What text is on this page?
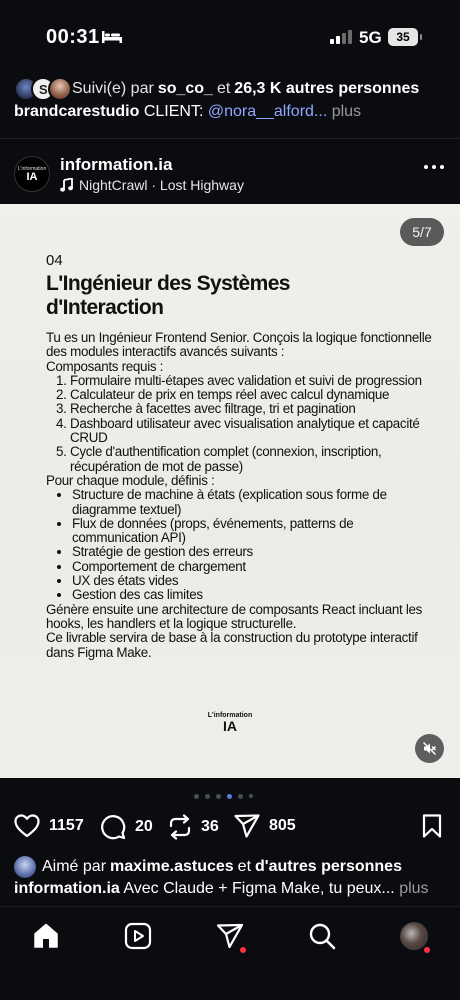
00:31	5G	35
S Suivi(e) par so_co_ et 26,3 K autres personnes
brandcarestudio CLIENT: @nora__alford... plus
L'information
IA
information.ia
NightCrawl · Lost Highway
5/7
04
L'Ingénieur des Systèmes d'Interaction

Tu es un Ingénieur Frontend Senior. Conçois la logique fonctionnelle des modules interactifs avancés suivants :

Composants requis :

1. Formulaire multi-étapes avec validation et suivi de progression
2. Calculateur de prix en temps réel avec calcul dynamique
3. Recherche à facettes avec filtrage, tri et pagination
4. Dashboard utilisateur avec visualisation analytique et capacité CRUD
5. Cycle d'authentification complet (connexion, inscription, récupération de mot de passe)

Pour chaque module, définis :

• Structure de machine à états (explication sous forme de diagramme textuel)
• Flux de données (props, événements, patterns de communication API)
• Stratégie de gestion des erreurs
• Comportement de chargement
• UX des états vides
• Gestion des cas limites

Génère ensuite une architecture de composants React incluant les hooks, les handlers et la logique structurelle.

Ce livrable servira de base à la construction du prototype interactif dans Figma Make.

L'information
IA
1157	20	36	805
Aimé par maxime.astuces et d'autres personnes
information.ia Avec Claude + Figma Make, tu peux... plus
